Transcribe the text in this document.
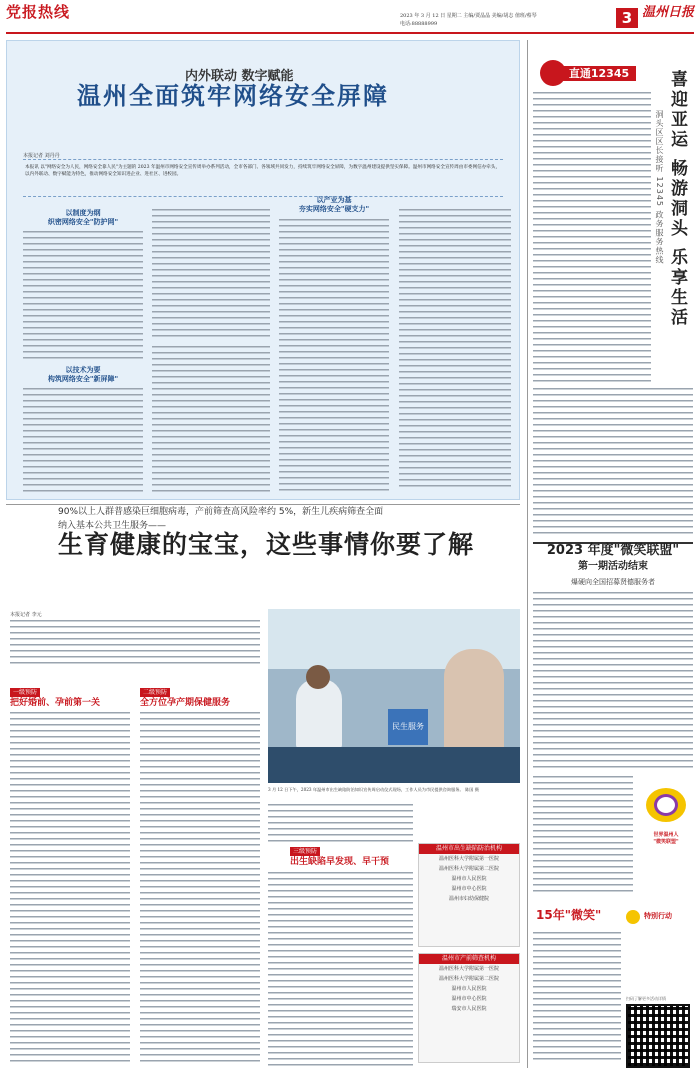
党报热线	2023 年 3 月 12 日 星期二 主编/贾晶晶 美编/胡志 值班/蔡琴
电话:88888999	3 温州日报
内外联动 数字赋能
温州全面筑牢网络安全屏障
本报记者 刘丹丹
本报讯 以"网络安全为人民，网络安全靠人民"为主题的 2023 年温州市网络安全宣传周举办系列活动，全市各部门、各领域共同发力，持续筑牢网络安全屏障，为数字温州建设提供坚实保障。温州市网络安全宣传周由市委网信办牵头，以内外联动、数字赋能为特色，推动网络安全知识进企业、进社区、进校园。
以制度为纲
织密网络安全"防护网"
以技术为要
构筑网络安全"新屏障"
以产业为基
夯实网络安全"硬支力"
直通12345	喜迎亚运 畅游洞头 乐享生活
洞头区区长接听 12345 政务服务热线
2023 年度"微笑联盟"
第一期活动结束
爆硬向全国招募贤德服务者
世界温州人
"微笑联盟"
15年"微笑"	特别行动
扫码了解更多活动详情
90%以上人群普感染巨细胞病毒，产前筛查高风险率约 5%，新生儿疾病筛查全面
纳入基本公共卫生服务——
生育健康的宝宝，这些事情你要了解
本报记者 李元
民生服务
3 月 12 日下午，2023 年温州市出生缺陷防治知识宣传周启动仪式现场，工作人员为市民提供咨询服务。 陈国 摄
一级预防
把好婚前、孕前第一关
二级预防
全方位孕产期保健服务
三级预防
出生缺陷早发现、早干预
温州市出生缺陷防治机构
温州医科大学附属第一医院
温州医科大学附属第二医院
温州市人民医院
温州市中心医院
温州市妇幼保健院
温州市产前筛查机构
温州医科大学附属第一医院
温州医科大学附属第二医院
温州市人民医院
温州市中心医院
瑞安市人民医院
